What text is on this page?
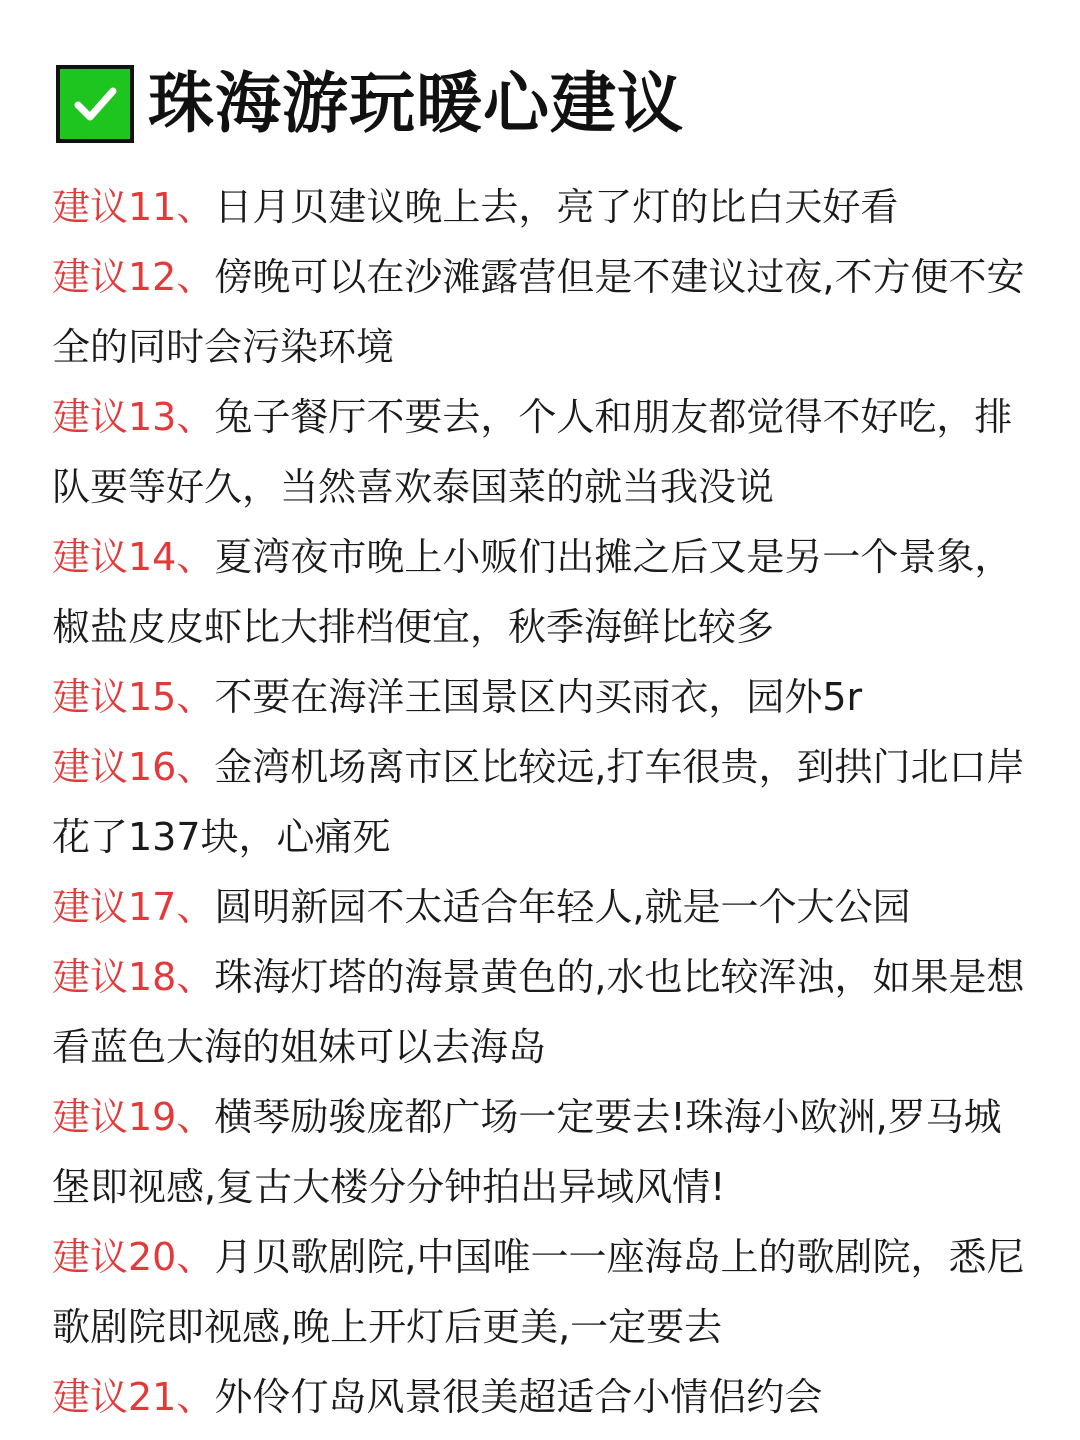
珠海游玩暖心建议
建议11、日月贝建议晚上去，亮了灯的比白天好看
建议12、傍晚可以在沙滩露营但是不建议过夜,不方便不安全的同时会污染环境
建议13、兔子餐厅不要去，个人和朋友都觉得不好吃，排队要等好久，当然喜欢泰国菜的就当我没说
建议14、夏湾夜市晚上小贩们出摊之后又是另一个景象，椒盐皮皮虾比大排档便宜，秋季海鲜比较多
建议15、不要在海洋王国景区内买雨衣，园外5r
建议16、金湾机场离市区比较远,打车很贵，到拱门北口岸花了137块，心痛死
建议17、圆明新园不太适合年轻人,就是一个大公园
建议18、珠海灯塔的海景黄色的,水也比较浑浊，如果是想看蓝色大海的姐妹可以去海岛
建议19、横琴励骏庞都广场一定要去!珠海小欧洲,罗马城堡即视感,复古大楼分分钟拍出异域风情!
建议20、月贝歌剧院,中国唯一一座海岛上的歌剧院，悉尼歌剧院即视感,晚上开灯后更美,一定要去
建议21、外伶仃岛风景很美超适合小情侣约会
